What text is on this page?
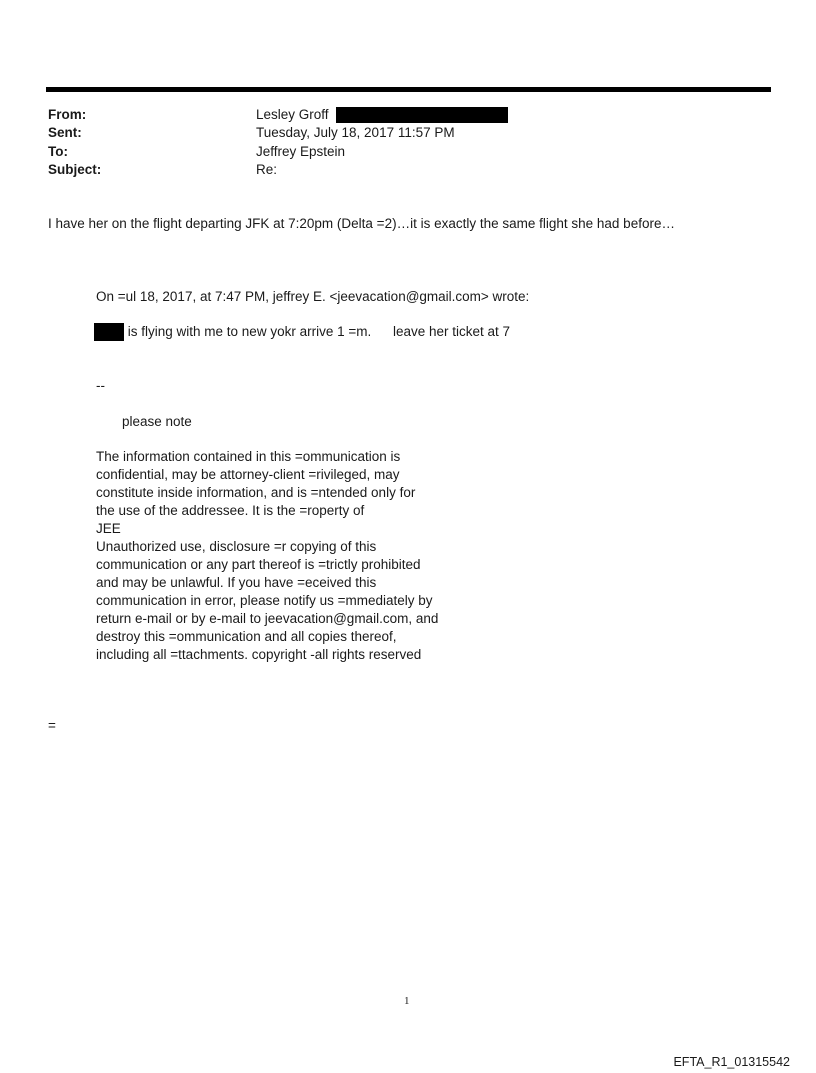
From:	Lesley Groff
Sent:	Tuesday, July 18, 2017 11:57 PM
To:	Jeffrey Epstein
Subject:	Re:
I have her on the flight departing JFK at 7:20pm (Delta =2)…it is exactly the same flight she had before…
On =ul 18, 2017, at 7:47 PM, jeffrey E. <jeevacation@gmail.com> wrote:
is flying with me to new yokr arrive 1 =m. leave her ticket at 7
--
please note
The information contained in this =ommunication is
confidential, may be attorney-client =rivileged, may
constitute inside information, and is =ntended only for
the use of the addressee. It is the =roperty of
JEE
Unauthorized use, disclosure =r copying of this
communication or any part thereof is =trictly prohibited
and may be unlawful. If you have =eceived this
communication in error, please notify us =mmediately by
return e-mail or by e-mail to jeevacation@gmail.com, and
destroy this =ommunication and all copies thereof,
including all =ttachments. copyright -all rights reserved
=
1
EFTA_R1_01315542
